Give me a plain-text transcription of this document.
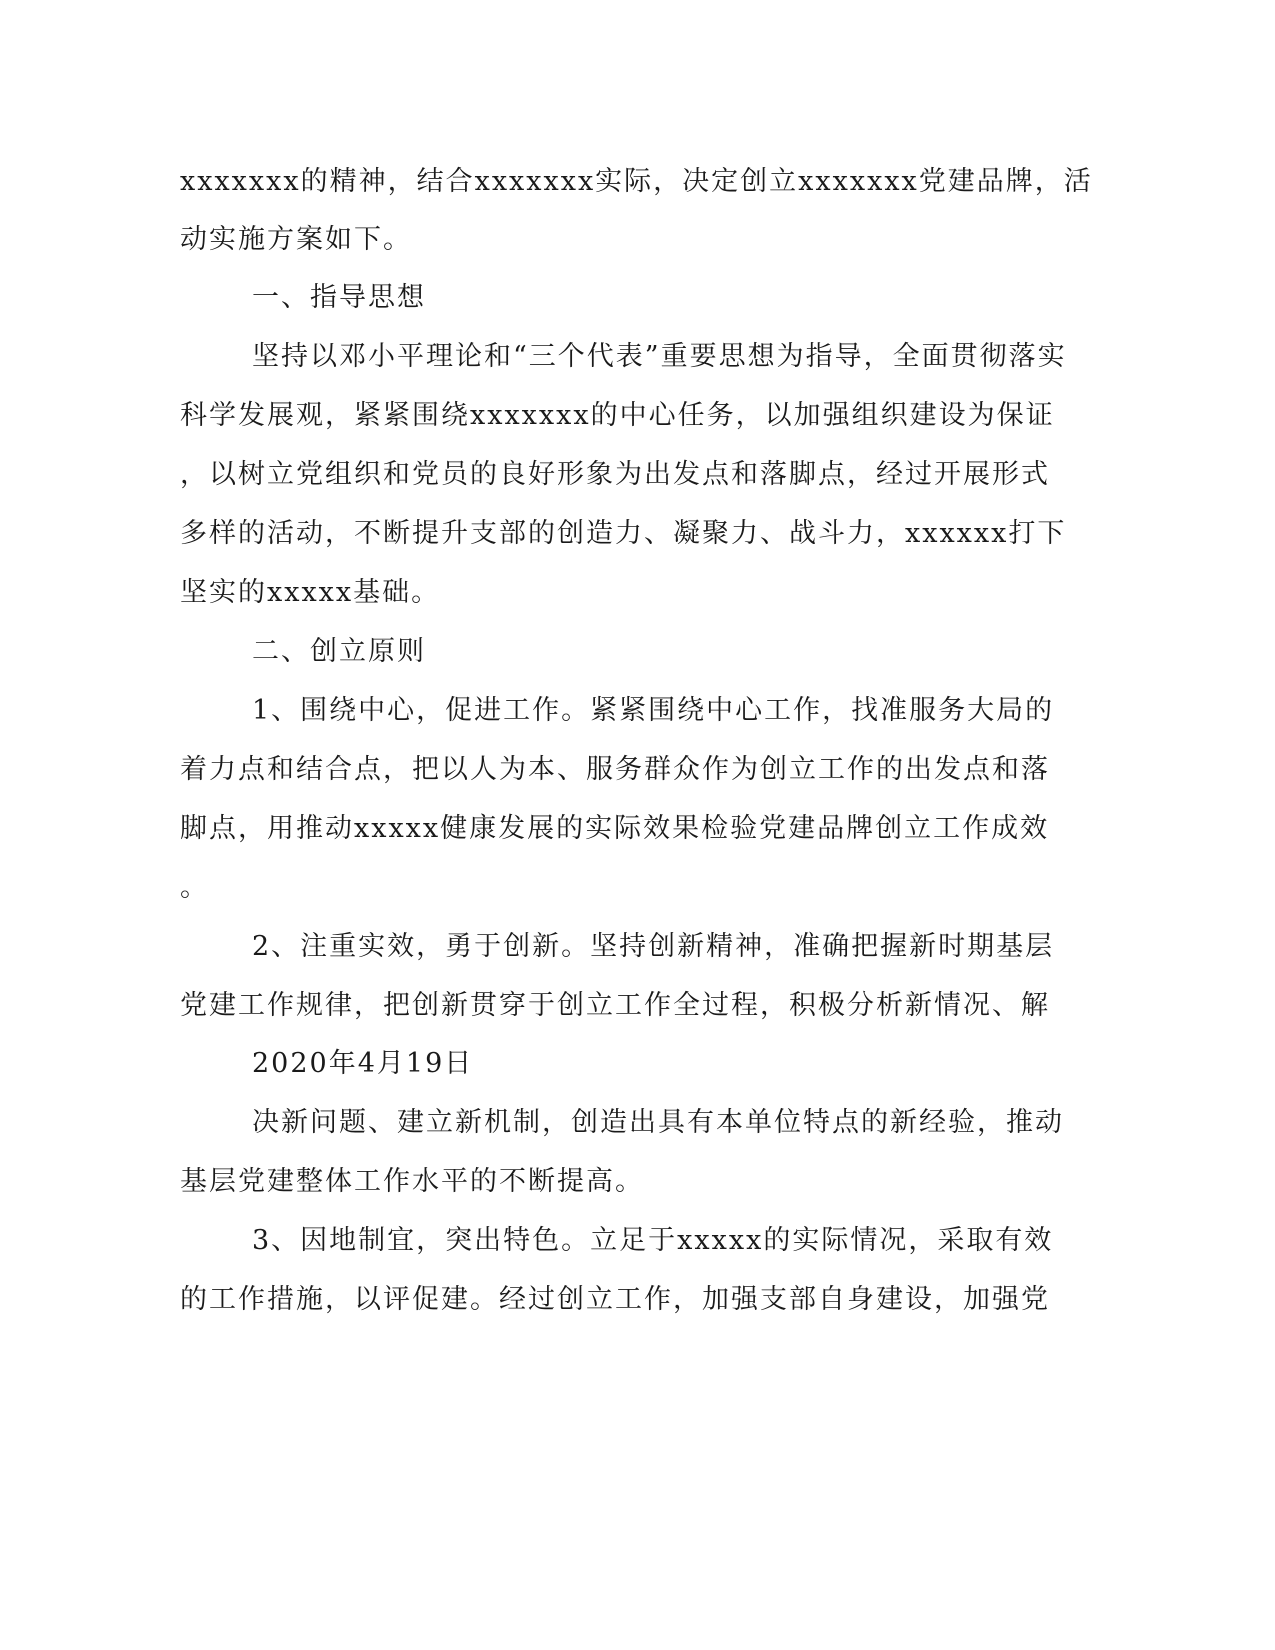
xxxxxxx的精神，结合xxxxxxx实际，决定创立xxxxxxx党建品牌，活
动实施方案如下。
一、指导思想
坚持以邓小平理论和“三个代表”重要思想为指导，全面贯彻落实
科学发展观，紧紧围绕xxxxxxx的中心任务，以加强组织建设为保证
，以树立党组织和党员的良好形象为出发点和落脚点，经过开展形式
多样的活动，不断提升支部的创造力、凝聚力、战斗力，xxxxxx打下
坚实的xxxxx基础。
二、创立原则
1、围绕中心，促进工作。紧紧围绕中心工作，找准服务大局的
着力点和结合点，把以人为本、服务群众作为创立工作的出发点和落
脚点，用推动xxxxx健康发展的实际效果检验党建品牌创立工作成效
。
2、注重实效，勇于创新。坚持创新精神，准确把握新时期基层
党建工作规律，把创新贯穿于创立工作全过程，积极分析新情况、解
2020年4月19日
决新问题、建立新机制，创造出具有本单位特点的新经验，推动
基层党建整体工作水平的不断提高。
3、因地制宜，突出特色。立足于xxxxx的实际情况，采取有效
的工作措施，以评促建。经过创立工作，加强支部自身建设，加强党
